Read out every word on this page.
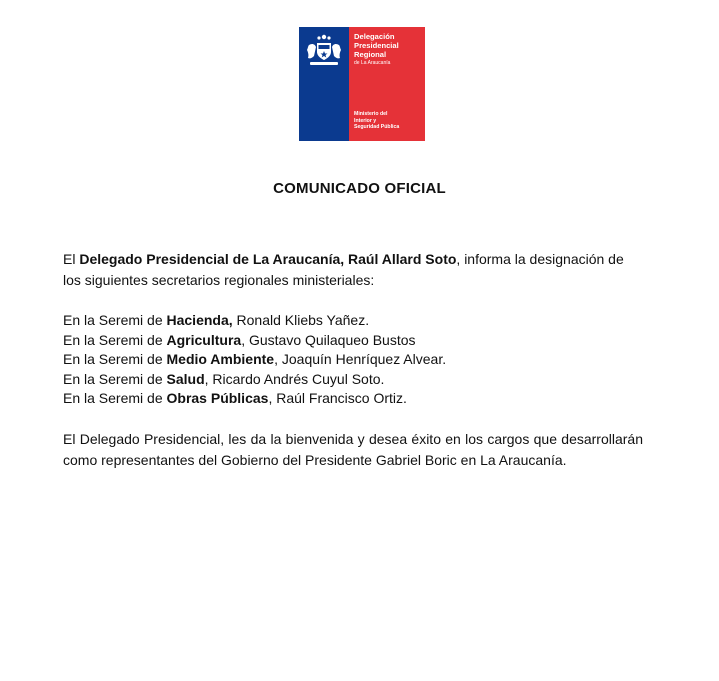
Delegación
Presidencial
Regional
de La Araucanía
Ministerio del
Interior y
Seguridad Pública
COMUNICADO OFICIAL

El Delegado Presidencial de La Araucanía, Raúl Allard Soto, informa la designación de los siguientes secretarios regionales ministeriales:

En la Seremi de Hacienda, Ronald Kliebs Yañez.
En la Seremi de Agricultura, Gustavo Quilaqueo Bustos
En la Seremi de Medio Ambiente, Joaquín Henríquez Alvear.
En la Seremi de Salud, Ricardo Andrés Cuyul Soto.
En la Seremi de Obras Públicas, Raúl Francisco Ortiz.

El Delegado Presidencial, les da la bienvenida y desea éxito en los cargos que desarrollarán como representantes del Gobierno del Presidente Gabriel Boric en La Araucanía.
